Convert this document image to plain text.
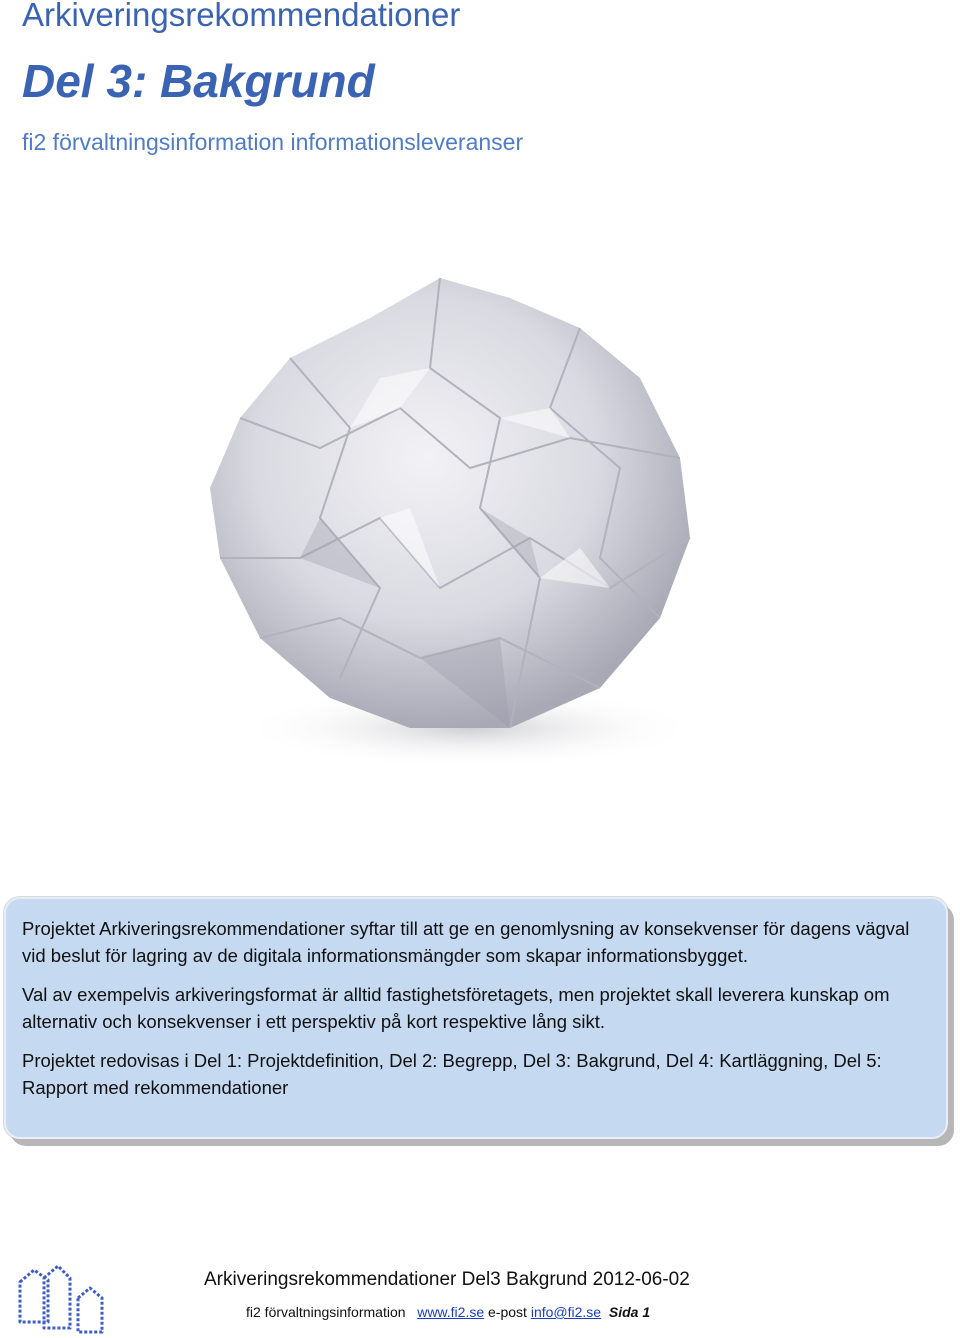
Arkiveringsrekommendationer
Del 3: Bakgrund

fi2 förvaltningsinformation informationsleveranser

Projektet Arkiveringsrekommendationer syftar till att ge en genomlysning av konsekvenser för dagens vägval vid beslut för lagring av de digitala informationsmängder som skapar informationsbygget.

Val av exempelvis arkiveringsformat är alltid fastighetsföretagets, men projektet skall leverera kunskap om alternativ och konsekvenser i ett perspektiv på kort respektive lång sikt.

Projektet redovisas i Del 1: Projektdefinition, Del 2: Begrepp, Del 3: Bakgrund, Del 4: Kartläggning, Del 5: Rapport med rekommendationer

Arkiveringsrekommendationer Del3 Bakgrund 2012-06-02

fi2 förvaltningsinformation www.fi2.se e-post info@fi2.se Sida 1
